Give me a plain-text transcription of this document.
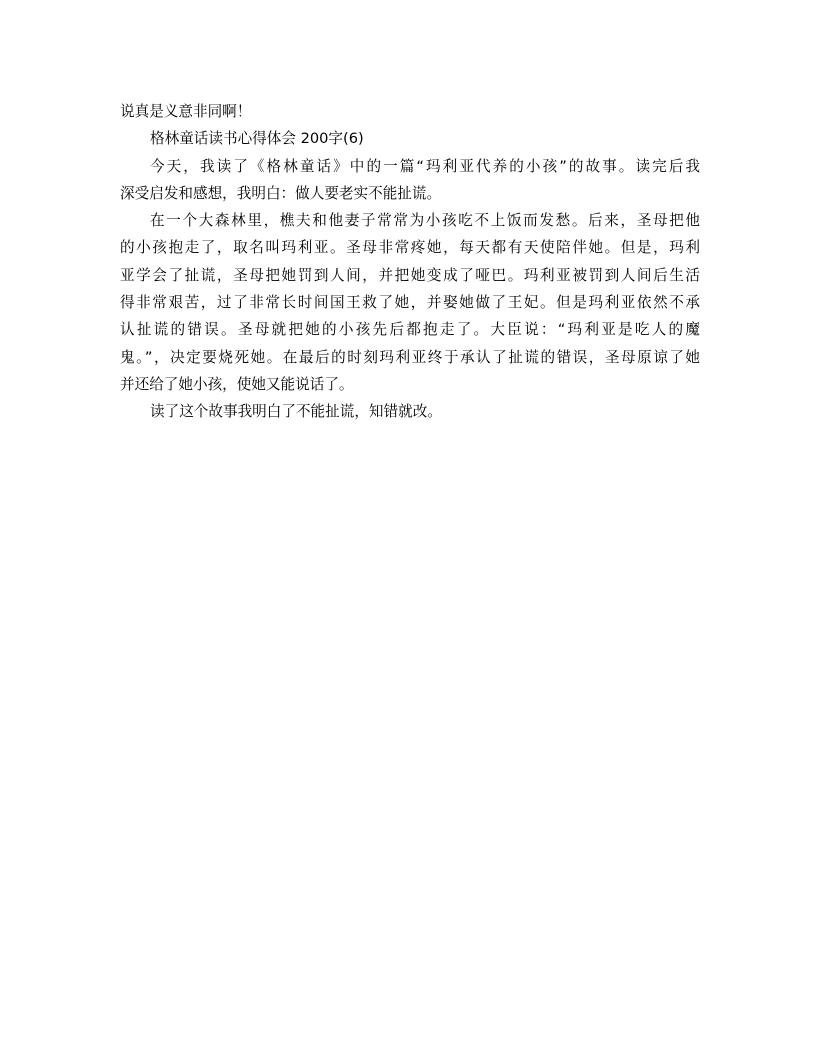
说真是义意非同啊！
格林童话读书心得体会 200字(6)
今天，我读了《格林童话》中的一篇“玛利亚代养的小孩”的故事。读完后我
深受启发和感想，我明白：做人要老实不能扯谎。
在一个大森林里，樵夫和他妻子常常为小孩吃不上饭而发愁。后来，圣母把他
的小孩抱走了，取名叫玛利亚。圣母非常疼她，每天都有天使陪伴她。但是，玛利
亚学会了扯谎，圣母把她罚到人间，并把她变成了哑巴。玛利亚被罚到人间后生活
得非常艰苦，过了非常长时间国王救了她，并娶她做了王妃。但是玛利亚依然不承
认扯谎的错误。圣母就把她的小孩先后都抱走了。大臣说：“玛利亚是吃人的魔
鬼。”，决定要烧死她。在最后的时刻玛利亚终于承认了扯谎的错误，圣母原谅了她
并还给了她小孩，使她又能说话了。
读了这个故事我明白了不能扯谎，知错就改。
